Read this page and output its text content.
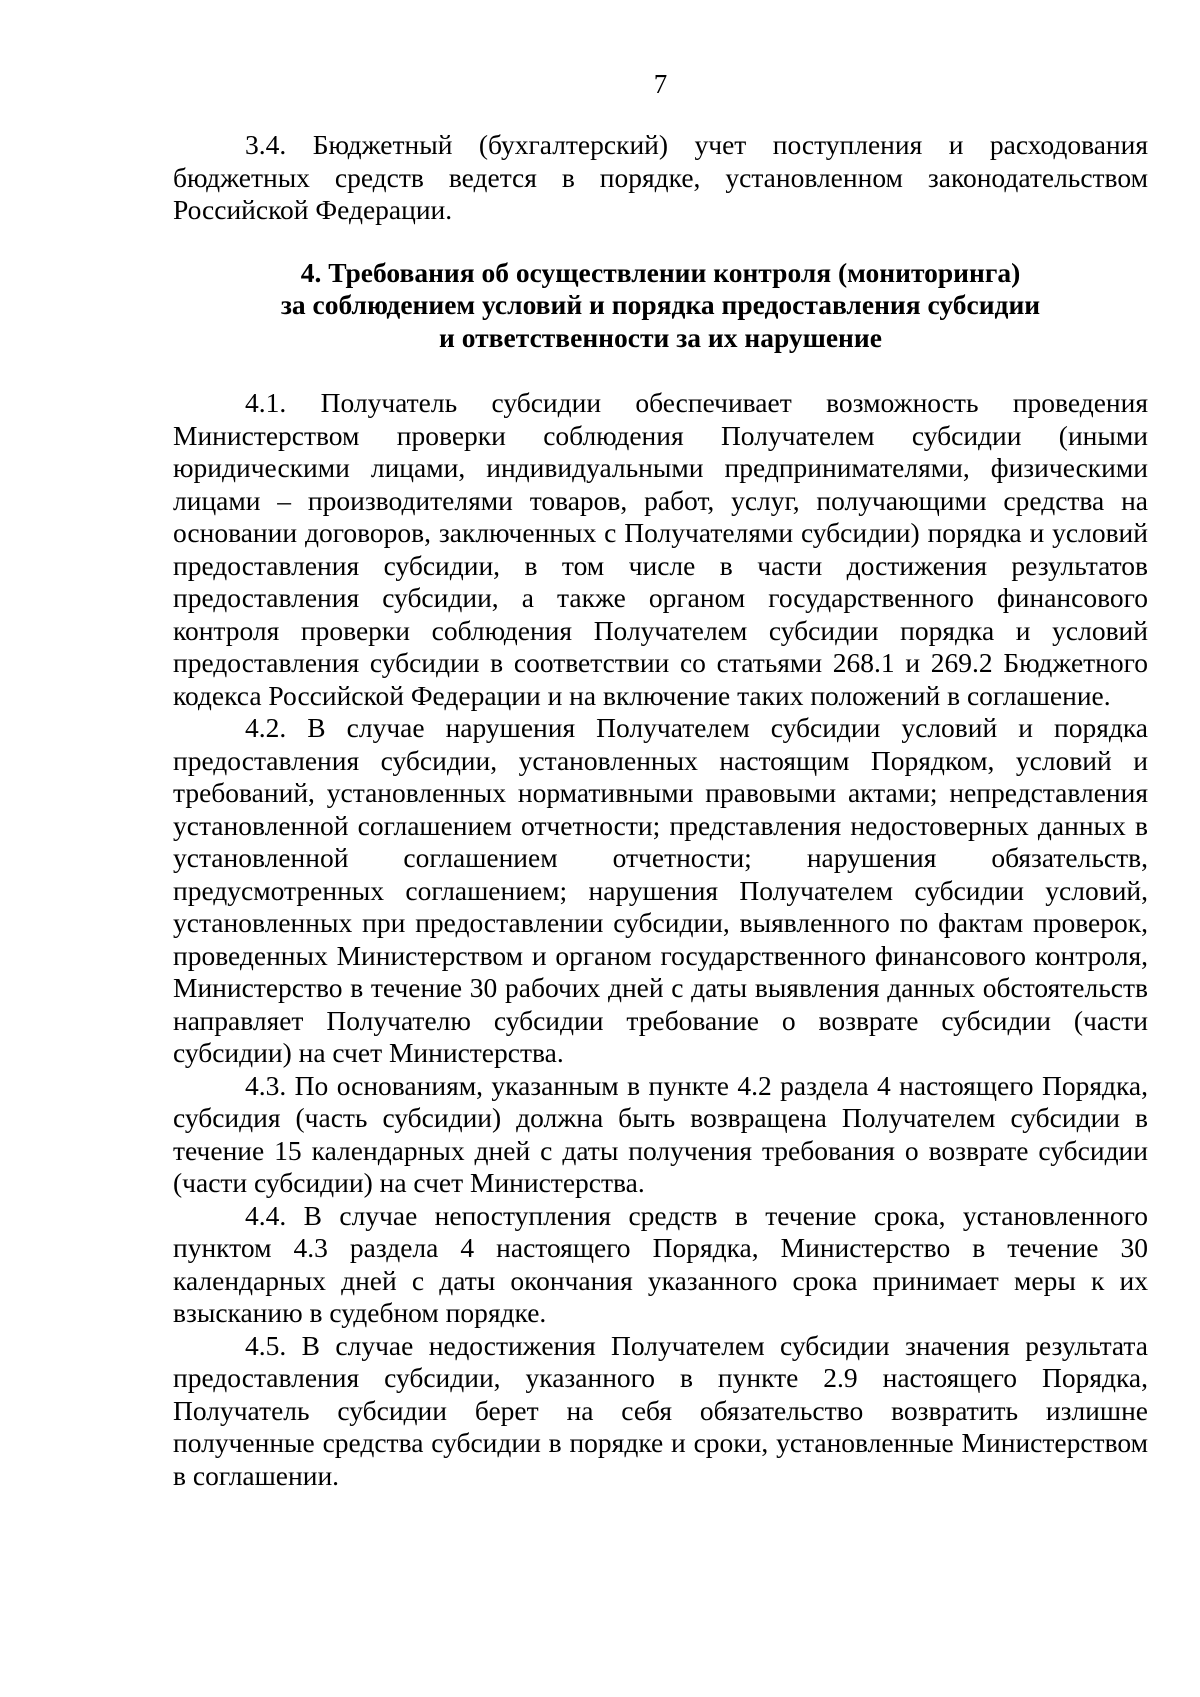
7

3.4. Бюджетный (бухгалтерский) учет поступления и расходования бюджетных средств ведется в порядке, установленном законодательством Российской Федерации.

4. Требования об осуществлении контроля (мониторинга)
за соблюдением условий и порядка предоставления субсидии
и ответственности за их нарушение

4.1. Получатель субсидии обеспечивает возможность проведения Министерством проверки соблюдения Получателем субсидии (иными юридическими лицами, индивидуальными предпринимателями, физическими лицами – производителями товаров, работ, услуг, получающими средства на основании договоров, заключенных с Получателями субсидии) порядка и условий предоставления субсидии, в том числе в части достижения результатов предоставления субсидии, а также органом государственного финансового контроля проверки соблюдения Получателем субсидии порядка и условий предоставления субсидии в соответствии со статьями 268.1 и 269.2 Бюджетного кодекса Российской Федерации и на включение таких положений в соглашение.

4.2. В случае нарушения Получателем субсидии условий и порядка предоставления субсидии, установленных настоящим Порядком, условий и требований, установленных нормативными правовыми актами; непредставления установленной соглашением отчетности; представления недостоверных данных в установленной соглашением отчетности; нарушения обязательств, предусмотренных соглашением; нарушения Получателем субсидии условий, установленных при предоставлении субсидии, выявленного по фактам проверок, проведенных Министерством и органом государственного финансового контроля, Министерство в течение 30 рабочих дней с даты выявления данных обстоятельств направляет Получателю субсидии требование о возврате субсидии (части субсидии) на счет Министерства.

4.3. По основаниям, указанным в пункте 4.2 раздела 4 настоящего Порядка, субсидия (часть субсидии) должна быть возвращена Получателем субсидии в течение 15 календарных дней с даты получения требования о возврате субсидии (части субсидии) на счет Министерства.

4.4. В случае непоступления средств в течение срока, установленного пунктом 4.3 раздела 4 настоящего Порядка, Министерство в течение 30 календарных дней с даты окончания указанного срока принимает меры к их взысканию в судебном порядке.

4.5. В случае недостижения Получателем субсидии значения результата предоставления субсидии, указанного в пункте 2.9 настоящего Порядка, Получатель субсидии берет на себя обязательство возвратить излишне полученные средства субсидии в порядке и сроки, установленные Министерством в соглашении.
